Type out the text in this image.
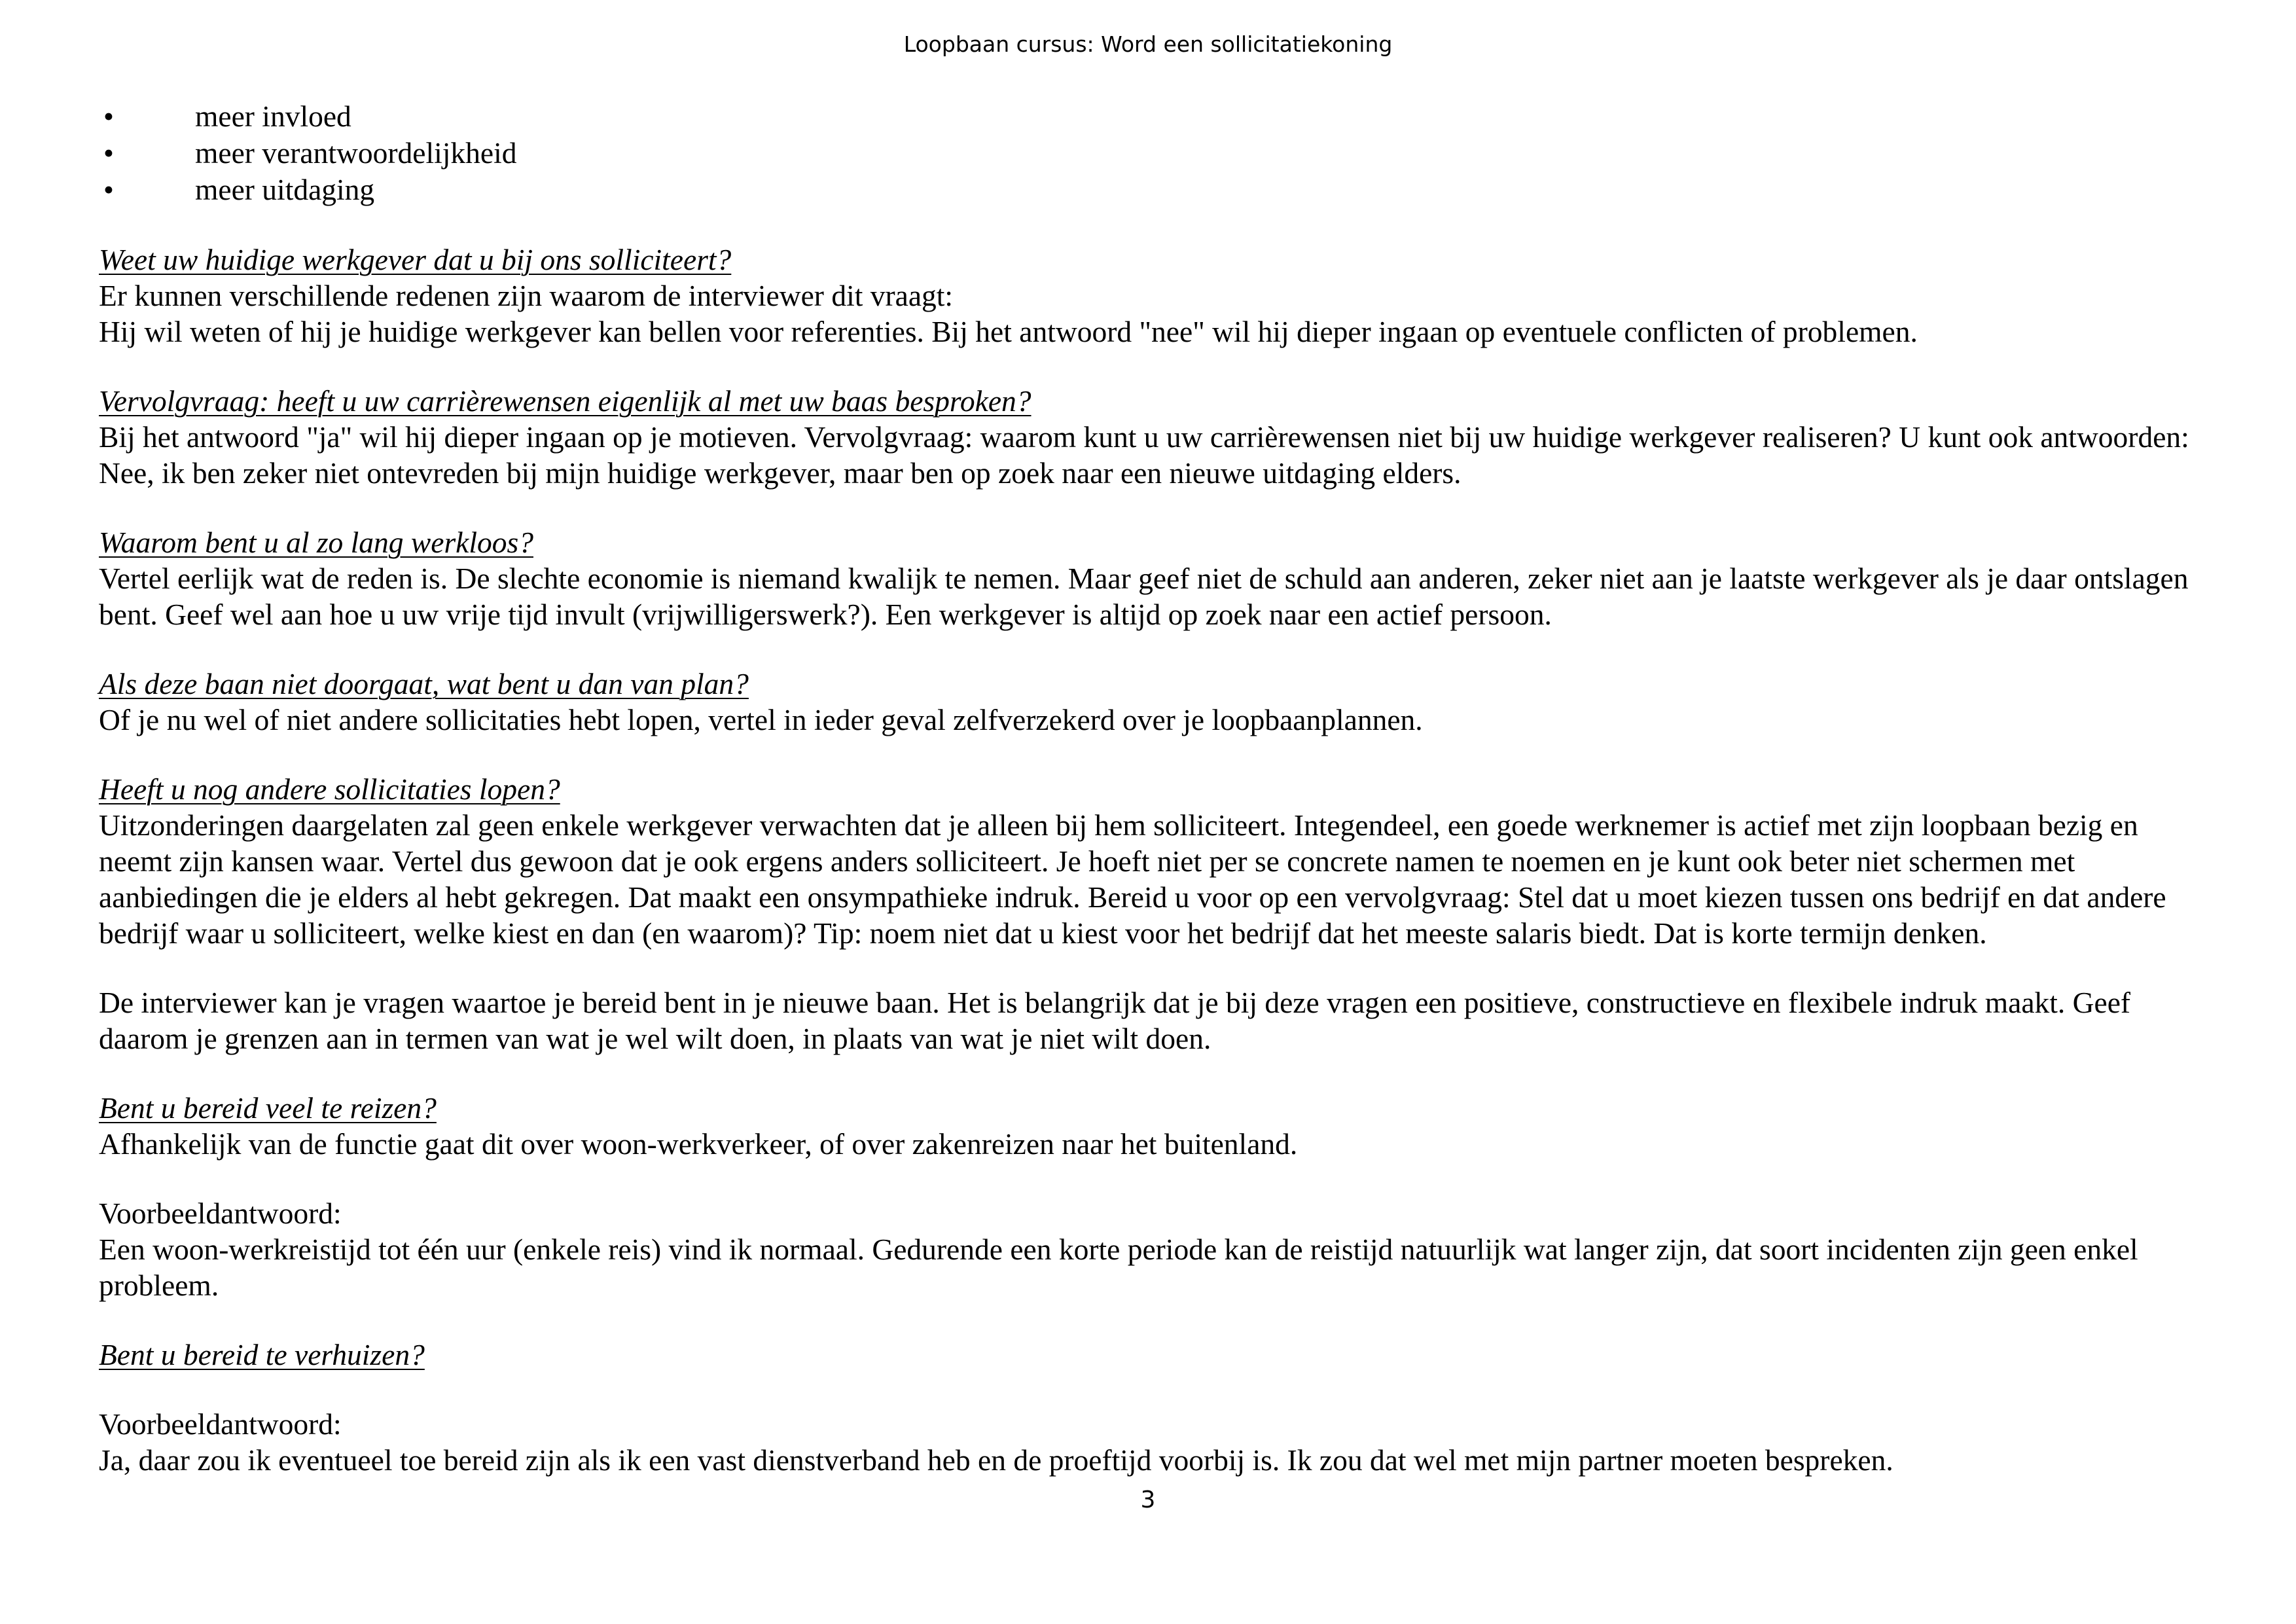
Loopbaan cursus: Word een sollicitatiekoning
•	meer invloed
•	meer verantwoordelijkheid
•	meer uitdaging

Weet uw huidige werkgever dat u bij ons solliciteert?

Er kunnen verschillende redenen zijn waarom de interviewer dit vraagt:

Hij wil weten of hij je huidige werkgever kan bellen voor referenties. Bij het antwoord "nee" wil hij dieper ingaan op eventuele conflicten of problemen.

Vervolgvraag: heeft u uw carrièrewensen eigenlijk al met uw baas besproken?

Bij het antwoord "ja" wil hij dieper ingaan op je motieven. Vervolgvraag: waarom kunt u uw carrièrewensen niet bij uw huidige werkgever realiseren? U kunt ook antwoorden: Nee, ik ben zeker niet ontevreden bij mijn huidige werkgever, maar ben op zoek naar een nieuwe uitdaging elders.

Waarom bent u al zo lang werkloos?

Vertel eerlijk wat de reden is. De slechte economie is niemand kwalijk te nemen. Maar geef niet de schuld aan anderen, zeker niet aan je laatste werkgever als je daar ontslagen bent. Geef wel aan hoe u uw vrije tijd invult (vrijwilligerswerk?). Een werkgever is altijd op zoek naar een actief persoon.

Als deze baan niet doorgaat, wat bent u dan van plan?

Of je nu wel of niet andere sollicitaties hebt lopen, vertel in ieder geval zelfverzekerd over je loopbaanplannen.

Heeft u nog andere sollicitaties lopen?

Uitzonderingen daargelaten zal geen enkele werkgever verwachten dat je alleen bij hem solliciteert. Integendeel, een goede werknemer is actief met zijn loopbaan bezig en neemt zijn kansen waar. Vertel dus gewoon dat je ook ergens anders solliciteert. Je hoeft niet per se concrete namen te noemen en je kunt ook beter niet schermen met aanbiedingen die je elders al hebt gekregen. Dat maakt een onsympathieke indruk. Bereid u voor op een vervolgvraag: Stel dat u moet kiezen tussen ons bedrijf en dat andere bedrijf waar u solliciteert, welke kiest en dan (en waarom)? Tip: noem niet dat u kiest voor het bedrijf dat het meeste salaris biedt. Dat is korte termijn denken.

De interviewer kan je vragen waartoe je bereid bent in je nieuwe baan. Het is belangrijk dat je bij deze vragen een positieve, constructieve en flexibele indruk maakt. Geef daarom je grenzen aan in termen van wat je wel wilt doen, in plaats van wat je niet wilt doen.

Bent u bereid veel te reizen?

Afhankelijk van de functie gaat dit over woon-werkverkeer, of over zakenreizen naar het buitenland.

Voorbeeldantwoord:

Een woon-werkreistijd tot één uur (enkele reis) vind ik normaal. Gedurende een korte periode kan de reistijd natuurlijk wat langer zijn, dat soort incidenten zijn geen enkel probleem.

Bent u bereid te verhuizen?

Voorbeeldantwoord:

Ja, daar zou ik eventueel toe bereid zijn als ik een vast dienstverband heb en de proeftijd voorbij is. Ik zou dat wel met mijn partner moeten bespreken.

3
